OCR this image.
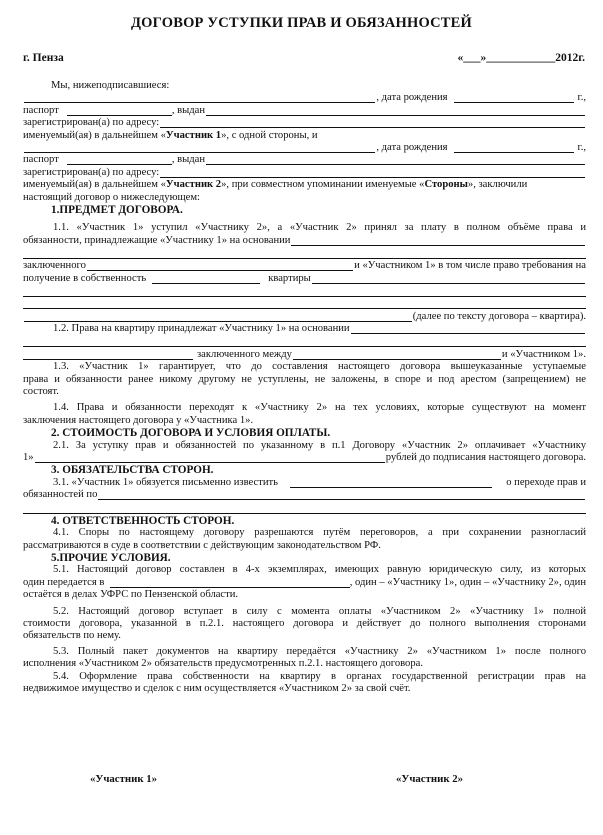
ДОГОВОР УСТУПКИ ПРАВ И ОБЯЗАННОСТЕЙ
г. Пенза	«___»____________2012г.
Мы, нижеподписавшиеся:
, дата рождения	г.,
паспорт	, выдан
зарегистрирован(а) по адресу:
именуемый(ая) в дальнейшем « Участник 1 », с одной стороны, и
, дата рождения	г.,
паспорт	, выдан
зарегистрирован(а) по адресу:
именуемый(ая) в дальнейшем « Участник 2 », при совместном упоминании именуемые « Стороны », заключили
настоящий договор о нижеследующем:
1.ПРЕДМЕТ ДОГОВОРА.
1.1. «Участник 1» уступил «Участнику 2», а «Участник 2» принял за плату в полном объёме права и
обязанности, принадлежащие «Участнику 1» на основании
заключенного	и «Участником 1» в том числе право требования на
получение в собственность	квартиры
(далее по тексту договора – квартира).
1.2. Права на квартиру принадлежат «Участнику 1» на основании
заключенного между	и «Участником 1».
1.3. «Участник 1» гарантирует, что до составления настоящего договора вышеуказанные уступаемые
права и обязанности ранее никому другому не уступлены, не заложены, в споре и под арестом (запрещением) не
состоят.
1.4. Права и обязанности переходят к «Участнику 2» на тех условиях, которые существуют на момент
заключения настоящего договора у «Участника 1».
2. СТОИМОСТЬ ДОГОВОРА И УСЛОВИЯ ОПЛАТЫ.
2.1. За уступку прав и обязанностей по указанному в п.1 Договору «Участник 2» оплачивает «Участнику
1»	рублей до подписания настоящего договора.
3. ОБЯЗАТЕЛЬСТВА СТОРОН.
3.1. «Участник 1» обязуется письменно известить	о переходе прав и
обязанностей по
4. ОТВЕТСТВЕННОСТЬ СТОРОН.
4.1. Споры по настоящему договору разрешаются путём переговоров, а при сохранении разногласий
рассматриваются в суде в соответствии с действующим законодательством РФ.
5.ПРОЧИЕ УСЛОВИЯ.
5.1. Настоящий договор составлен в 4-х экземплярах, имеющих равную юридическую силу, из которых
один передается в	, один – «Участнику 1», один – «Участнику 2», один
остаётся в делах УФРС по Пензенской области.
5.2. Настоящий договор вступает в силу с момента оплаты «Участником 2» «Участнику 1» полной
стоимости договора, указанной в п.2.1. настоящего договора и действует до полного выполнения сторонами
обязательств по нему.
5.3. Полный пакет документов на квартиру передаётся «Участнику 2» «Участником 1» после полного
исполнения «Участником 2» обязательств предусмотренных п.2.1. настоящего договора.
5.4. Оформление права собственности на квартиру в органах государственной регистрации прав на
недвижимое имущество и сделок с ним осуществляется «Участником 2» за свой счёт.
«Участник 1»	«Участник 2»
